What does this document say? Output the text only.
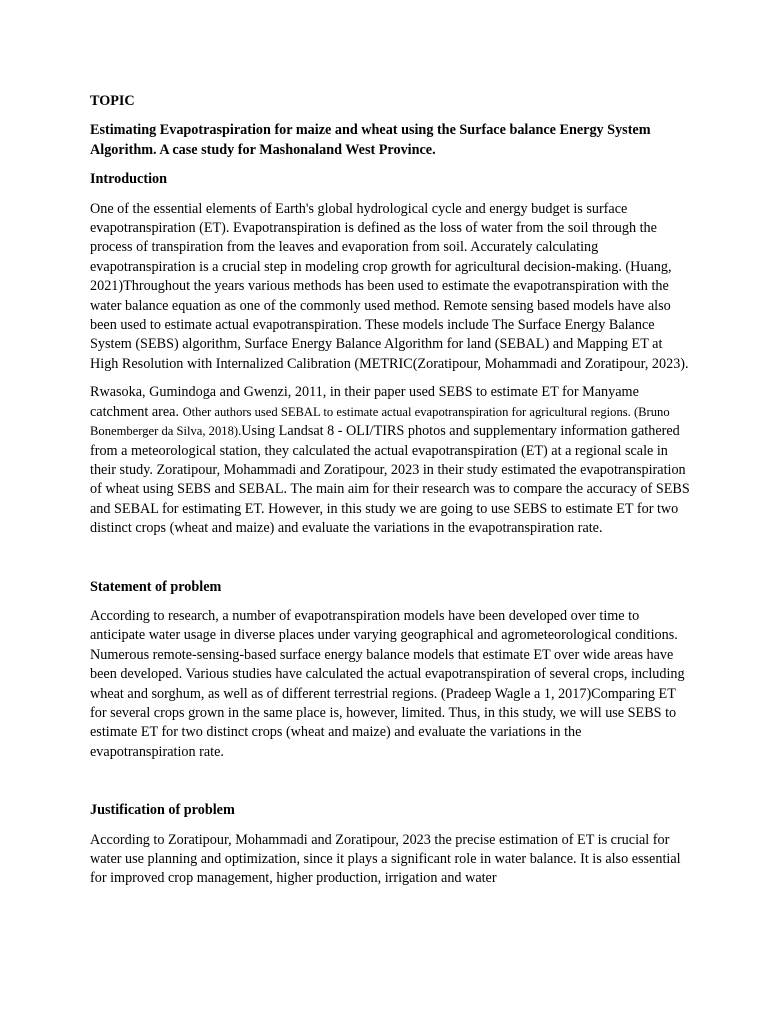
TOPIC

Estimating Evapotraspiration for maize and wheat using the Surface balance Energy System Algorithm. A case study for Mashonaland West Province.

Introduction

One of the essential elements of Earth's global hydrological cycle and energy budget is surface evapotranspiration (ET). Evapotranspiration is defined as the loss of water from the soil through the process of transpiration from the leaves and evaporation from soil. Accurately calculating evapotranspiration is a crucial step in modeling crop growth for agricultural decision-making. (Huang, 2021)Throughout the years various methods has been used to estimate the evapotranspiration with the water balance equation as one of the commonly used method. Remote sensing based models have also been used to estimate actual evapotranspiration. These models include The Surface Energy Balance System (SEBS) algorithm, Surface Energy Balance Algorithm for land (SEBAL) and Mapping ET at High Resolution with Internalized Calibration (METRIC(Zoratipour, Mohammadi and Zoratipour, 2023).

Rwasoka, Gumindoga and Gwenzi, 2011, in their paper used SEBS to estimate ET for Manyame catchment area. Other authors used SEBAL to estimate actual evapotranspiration for agricultural regions. (Bruno Bonemberger da Silva, 2018).Using Landsat 8 - OLI/TIRS photos and supplementary information gathered from a meteorological station, they calculated the actual evapotranspiration (ET) at a regional scale in their study. Zoratipour, Mohammadi and Zoratipour, 2023 in their study estimated the evapotranspiration of wheat using SEBS and SEBAL. The main aim for their research was to compare the accuracy of SEBS and SEBAL for estimating ET. However, in this study we are going to use SEBS to estimate ET for two distinct crops (wheat and maize) and evaluate the variations in the evapotranspiration rate.

Statement of problem

According to research, a number of evapotranspiration models have been developed over time to anticipate water usage in diverse places under varying geographical and agrometeorological conditions. Numerous remote-sensing-based surface energy balance models that estimate ET over wide areas have been developed. Various studies have calculated the actual evapotranspiration of several crops, including wheat and sorghum, as well as of different terrestrial regions. (Pradeep Wagle a 1, 2017)Comparing ET for several crops grown in the same place is, however, limited. Thus, in this study, we will use SEBS to estimate ET for two distinct crops (wheat and maize) and evaluate the variations in the evapotranspiration rate.

Justification of problem

According to Zoratipour, Mohammadi and Zoratipour, 2023 the precise estimation of ET is crucial for water use planning and optimization, since it plays a significant role in water balance. It is also essential for improved crop management, higher production, irrigation and water
